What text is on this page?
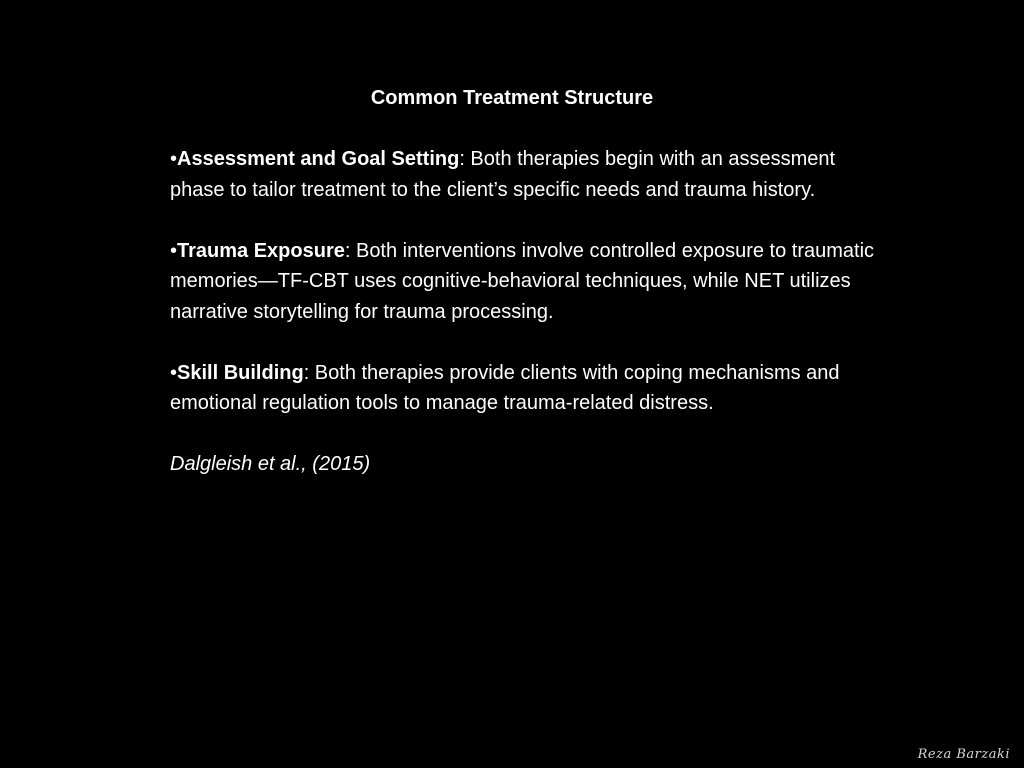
Common Treatment Structure

•Assessment and Goal Setting: Both therapies begin with an assessment phase to tailor treatment to the client’s specific needs and trauma history.

•Trauma Exposure: Both interventions involve controlled exposure to traumatic memories—TF-CBT uses cognitive-behavioral techniques, while NET utilizes narrative storytelling for trauma processing.

•Skill Building: Both therapies provide clients with coping mechanisms and emotional regulation tools to manage trauma-related distress.

Dalgleish et al., (2015)

Reza Barzaki
